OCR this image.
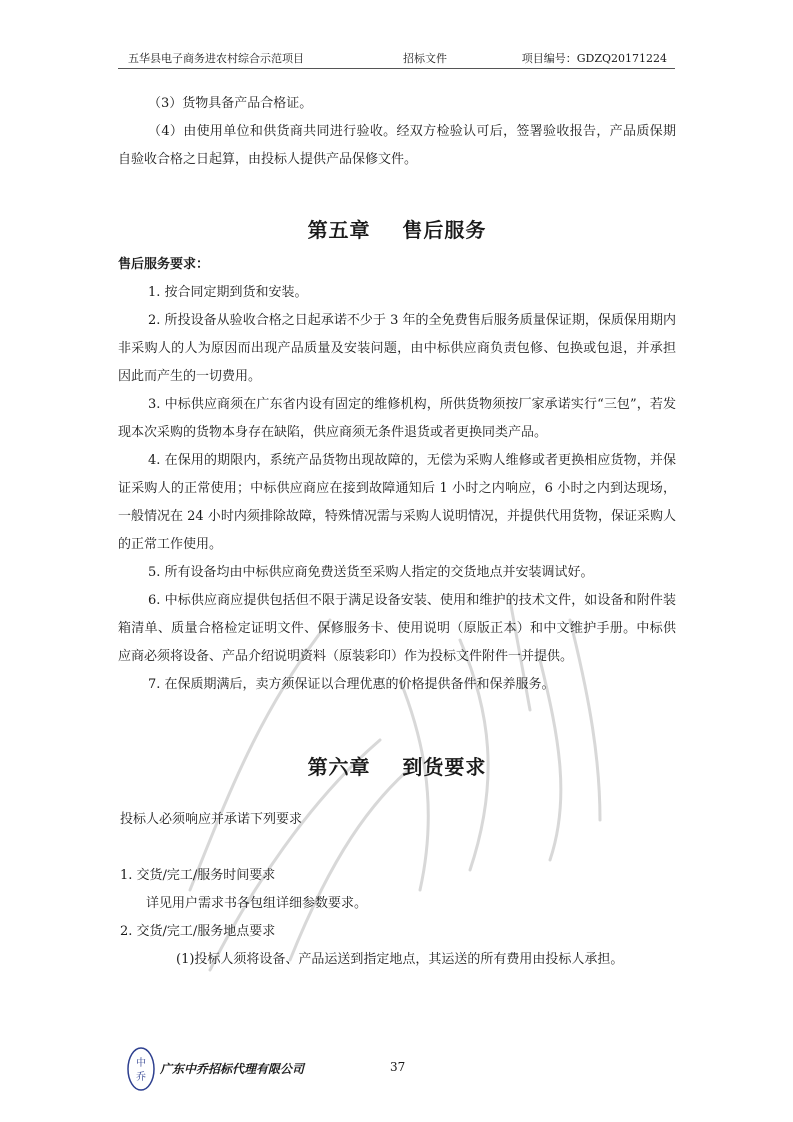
五华县电子商务进农村综合示范项目	招标文件	项目编号：GDZQ20171224

（3）货物具备产品合格证。

（4）由使用单位和供货商共同进行验收。经双方检验认可后，签署验收报告，产品质保期自验收合格之日起算，由投标人提供产品保修文件。

第五章    售后服务

售后服务要求：

1. 按合同定期到货和安装。

2. 所投设备从验收合格之日起承诺不少于 3 年的全免费售后服务质量保证期，保质保用期内非采购人的人为原因而出现产品质量及安装问题，由中标供应商负责包修、包换或包退，并承担因此而产生的一切费用。

3. 中标供应商须在广东省内设有固定的维修机构，所供货物须按厂家承诺实行“三包”，若发现本次采购的货物本身存在缺陷，供应商须无条件退货或者更换同类产品。

4. 在保用的期限内，系统产品货物出现故障的，无偿为采购人维修或者更换相应货物，并保证采购人的正常使用；中标供应商应在接到故障通知后 1 小时之内响应，6 小时之内到达现场，一般情况在 24 小时内须排除故障，特殊情况需与采购人说明情况，并提供代用货物，保证采购人的正常工作使用。

5. 所有设备均由中标供应商免费送货至采购人指定的交货地点并安装调试好。

6. 中标供应商应提供包括但不限于满足设备安装、使用和维护的技术文件，如设备和附件装箱清单、质量合格检定证明文件、保修服务卡、使用说明（原版正本）和中文维护手册。中标供应商必须将设备、产品介绍说明资料（原装彩印）作为投标文件附件一并提供。

7. 在保质期满后，卖方须保证以合理优惠的价格提供备件和保养服务。

第六章    到货要求

投标人必须响应并承诺下列要求

1. 交货/完工/服务时间要求

详见用户需求书各包组详细参数要求。

2. 交货/完工/服务地点要求

(1)投标人须将设备、产品运送到指定地点，其运送的所有费用由投标人承担。

中
乔
广东中乔招标代理有限公司	37
